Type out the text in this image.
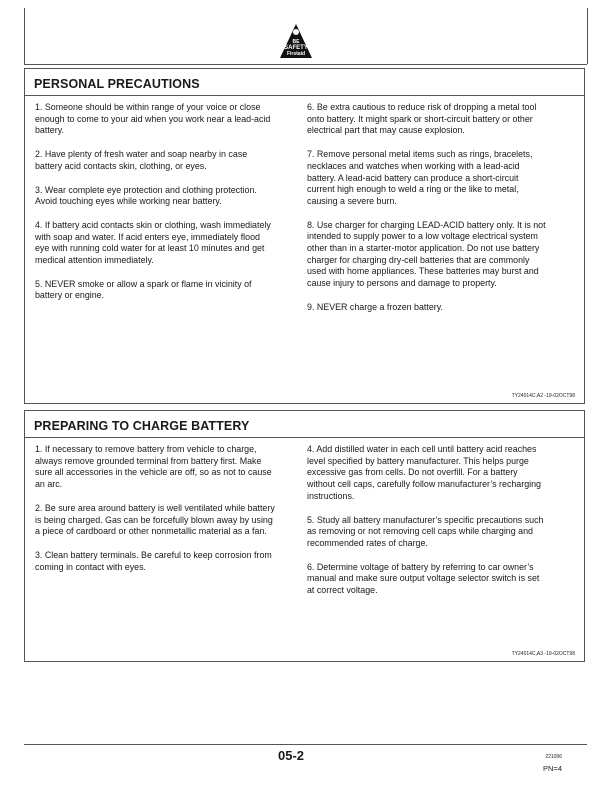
BE
SAFETY
Firstaid
PERSONAL PRECAUTIONS

1. Someone should be within range of your voice or close enough to come to your aid when you work near a lead-acid battery.

2. Have plenty of fresh water and soap nearby in case battery acid contacts skin, clothing, or eyes.

3. Wear complete eye protection and clothing protection. Avoid touching eyes while working near battery.

4. If battery acid contacts skin or clothing, wash immediately with soap and water. If acid enters eye, immediately flood eye with running cold water for at least 10 minutes and get medical attention immediately.

5. NEVER smoke or allow a spark or flame in vicinity of battery or engine.

6. Be extra cautious to reduce risk of dropping a metal tool onto battery. It might spark or short-circuit battery or other electrical part that may cause explosion.

7. Remove personal metal items such as rings, bracelets, necklaces and watches when working with a lead-acid battery. A lead-acid battery can produce a short-circuit current high enough to weld a ring or the like to metal, causing a severe burn.

8. Use charger for charging LEAD-ACID battery only. It is not intended to supply power to a low voltage electrical system other than in a starter-motor application. Do not use battery charger for charging dry-cell batteries that are commonly used with home appliances. These batteries may burst and cause injury to persons and damage to property.

9. NEVER charge a frozen battery.

TY24014C,A2 -19-02OCT98
PREPARING TO CHARGE BATTERY

1. If necessary to remove battery from vehicle to charge, always remove grounded terminal from battery first. Make sure all accessories in the vehicle are off, so as not to cause an arc.

2. Be sure area around battery is well ventilated while battery is being charged. Gas can be forcefully blown away by using a piece of cardboard or other nonmetallic material as a fan.

3. Clean battery terminals. Be careful to keep corrosion from coming in contact with eyes.

4. Add distilled water in each cell until battery acid reaches level specified by battery manufacturer. This helps purge excessive gas from cells. Do not overfill. For a battery without cell caps, carefully follow manufacturer’s recharging instructions.

5. Study all battery manufacturer’s specific precautions such as removing or not removing cell caps while charging and recommended rates of charge.

6. Determine voltage of battery by referring to car owner’s manual and make sure output voltage selector switch is set at correct voltage.

TY24014C,A3 -19-02OCT98
05-2	221096
PN=4
